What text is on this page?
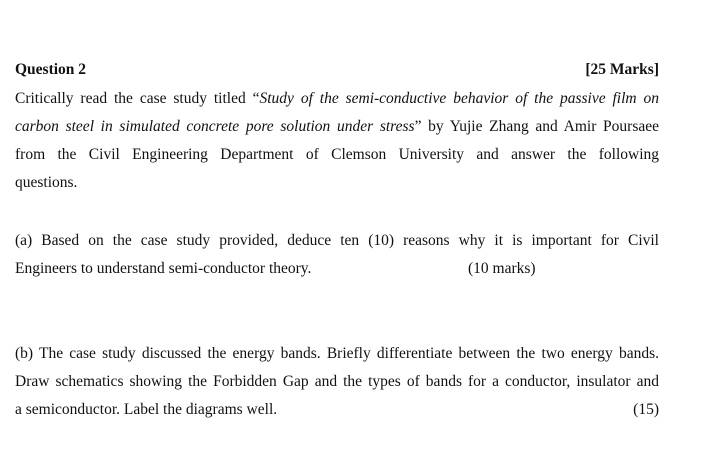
Question 2	[25 Marks]
Critically read the case study titled “Study of the semi-conductive behavior of the passive film on
carbon steel in simulated concrete pore solution under stress” by Yujie Zhang and Amir Poursaee
from the Civil Engineering Department of Clemson University and answer the following
questions.
(a) Based on the case study provided, deduce ten (10) reasons why it is important for Civil
Engineers to understand semi-conductor theory.	(10 marks)
(b) The case study discussed the energy bands. Briefly differentiate between the two energy bands.
Draw schematics showing the Forbidden Gap and the types of bands for a conductor, insulator and
a semiconductor. Label the diagrams well.	(15)
